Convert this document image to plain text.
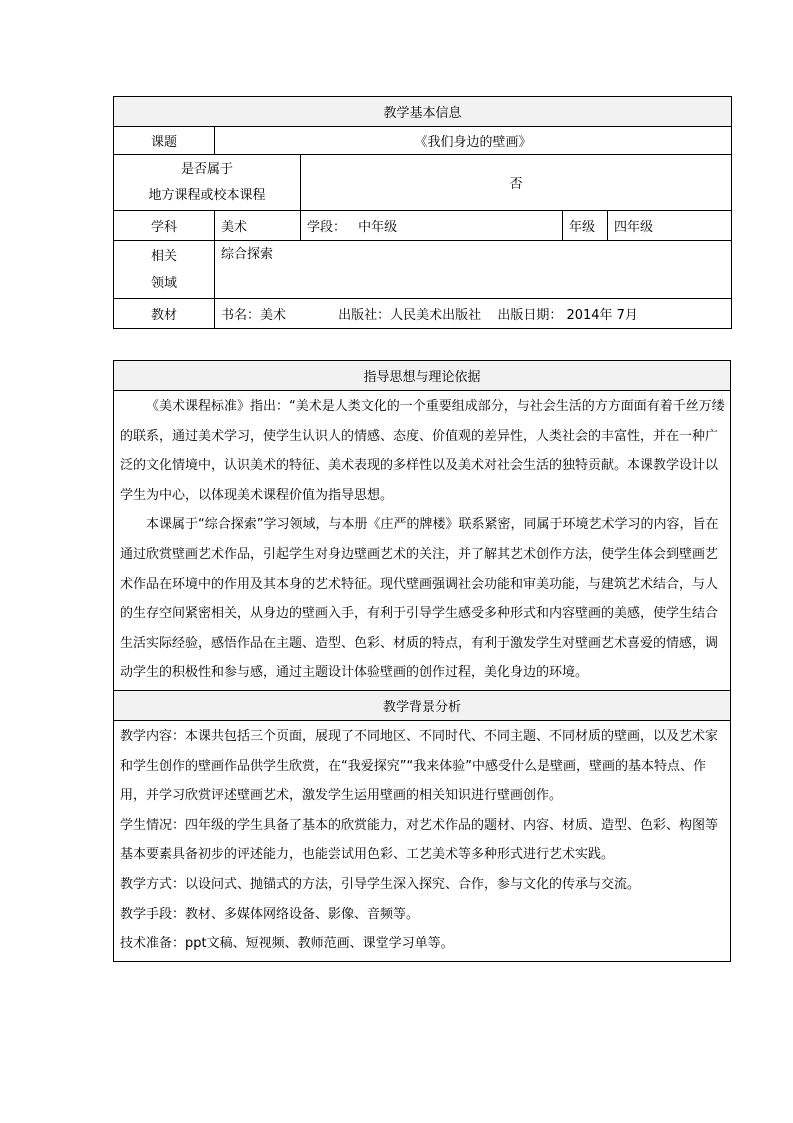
教学基本信息				
课题	《我们身边的壁画》			

是否属于
地方课程或校本课程		否		
学科	美术	学段： 中年级	年级	四年级

相关
领域	综合探索			
教材	书名：美术 出版社：人民美术出版社 出版日期： 2014年 7月			
指导思想与理论依据

《美术课程标准》指出：“美术是人类文化的一个重要组成部分，与社会生活的方方面面有着千丝万缕的联系，通过美术学习，使学生认识人的情感、态度、价值观的差异性，人类社会的丰富性，并在一种广泛的文化情境中，认识美术的特征、美术表现的多样性以及美术对社会生活的独特贡献。本课教学设计以学生为中心，以体现美术课程价值为指导思想。

本课属于“综合探索”学习领域，与本册《庄严的牌楼》联系紧密，同属于环境艺术学习的内容，旨在通过欣赏壁画艺术作品，引起学生对身边壁画艺术的关注，并了解其艺术创作方法，使学生体会到壁画艺术作品在环境中的作用及其本身的艺术特征。现代壁画强调社会功能和审美功能，与建筑艺术结合，与人的生存空间紧密相关，从身边的壁画入手，有利于引导学生感受多种形式和内容壁画的美感，使学生结合生活实际经验，感悟作品在主题、造型、色彩、材质的特点，有利于激发学生对壁画艺术喜爱的情感，调动学生的积极性和参与感，通过主题设计体验壁画的创作过程，美化身边的环境。

教学背景分析

教学内容：本课共包括三个页面，展现了不同地区、不同时代、不同主题、不同材质的壁画，以及艺术家和学生创作的壁画作品供学生欣赏，在“我爱探究”“我来体验”中感受什么是壁画，壁画的基本特点、作用，并学习欣赏评述壁画艺术，激发学生运用壁画的相关知识进行壁画创作。

学生情况：四年级的学生具备了基本的欣赏能力，对艺术作品的题材、内容、材质、造型、色彩、构图等基本要素具备初步的评述能力，也能尝试用色彩、工艺美术等多种形式进行艺术实践。

教学方式：以设问式、抛锚式的方法，引导学生深入探究、合作，参与文化的传承与交流。

教学手段：教材、多媒体网络设备、影像、音频等。

技术准备：ppt文稿、短视频、教师范画、课堂学习单等。
